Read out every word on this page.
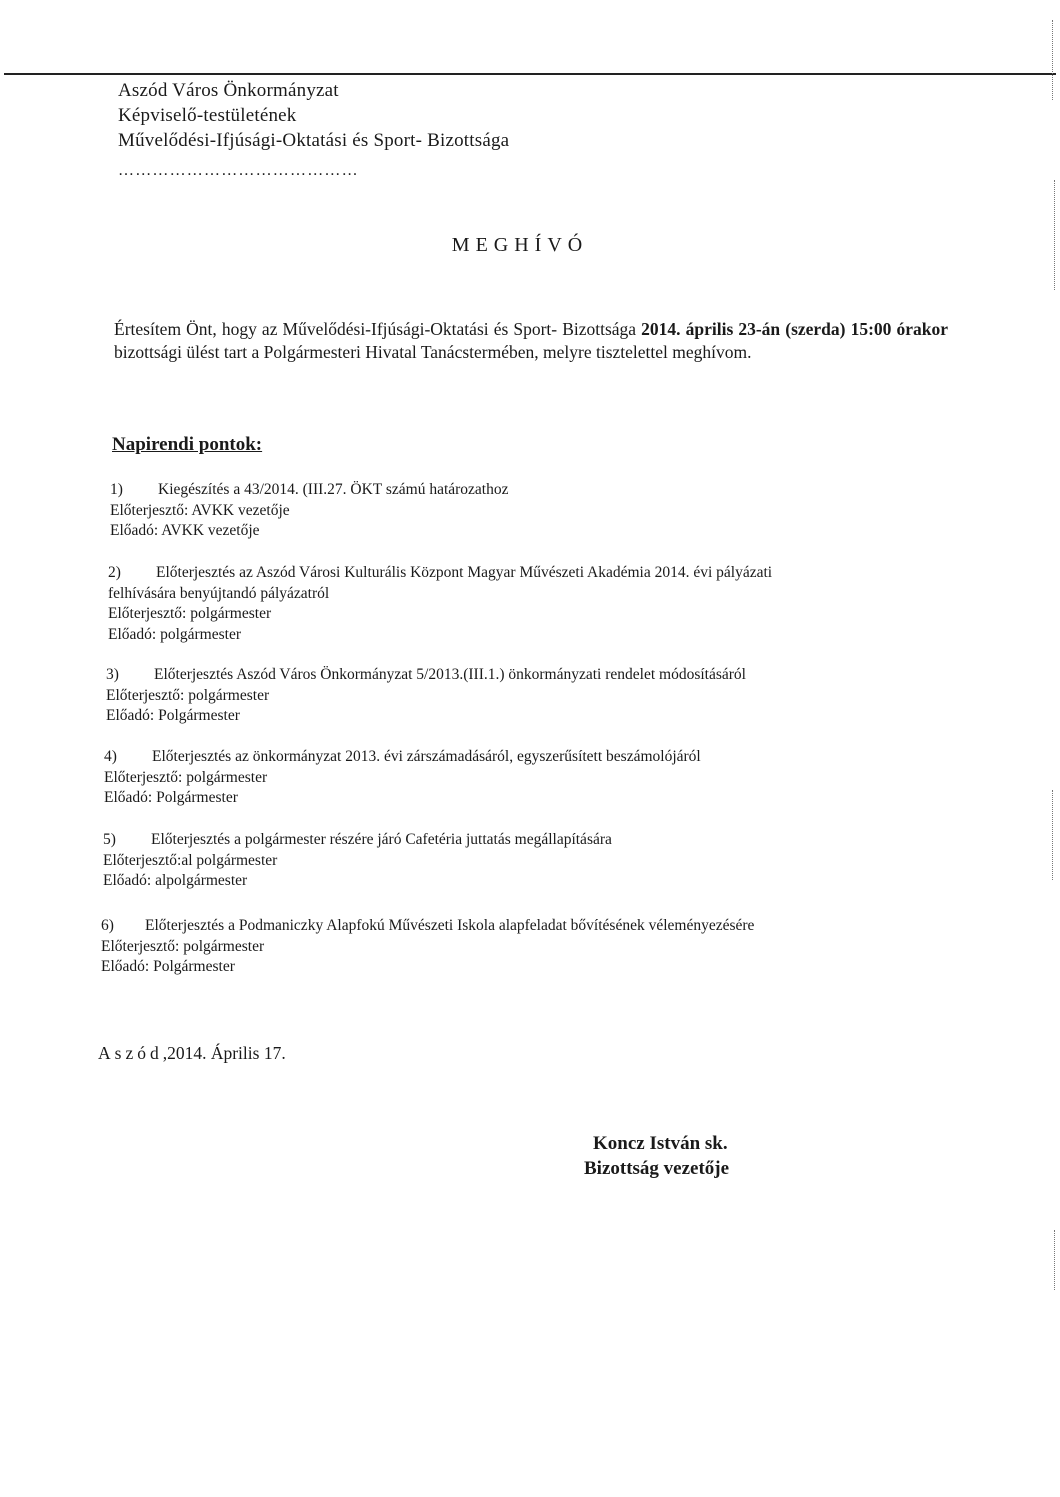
Aszód Város Önkormányzat
Képviselő-testületének
Művelődési-Ifjúsági-Oktatási és Sport- Bizottsága
……………………………………
MEGHÍVÓ
Értesítem Önt, hogy az Művelődési-Ifjúsági-Oktatási és Sport- Bizottsága 2014. április 23-án (szerda) 15:00 órakor bizottsági ülést tart a Polgármesteri Hivatal Tanácstermében, melyre tisztelettel meghívom.
Napirendi pontok:
1) Kiegészítés a 43/2014. (III.27. ÖKT számú határozathoz
Előterjesztő: AVKK vezetője
Előadó: AVKK vezetője
2) Előterjesztés az Aszód Városi Kulturális Központ Magyar Művészeti Akadémia 2014. évi pályázati
felhívására benyújtandó pályázatról
Előterjesztő: polgármester
Előadó: polgármester
3) Előterjesztés Aszód Város Önkormányzat 5/2013.(III.1.) önkormányzati rendelet módosításáról
Előterjesztő: polgármester
Előadó: Polgármester
4) Előterjesztés az önkormányzat 2013. évi zárszámadásáról, egyszerűsített beszámolójáról
Előterjesztő: polgármester
Előadó: Polgármester
5) Előterjesztés a polgármester részére járó Cafetéria juttatás megállapítására
Előterjesztő:al polgármester
Előadó: alpolgármester
6) Előterjesztés a Podmaniczky Alapfokú Művészeti Iskola alapfeladat bővítésének véleményezésére
Előterjesztő: polgármester
Előadó: Polgármester
Aszód,2014. Április 17.
Koncz István sk.
Bizottság vezetője
